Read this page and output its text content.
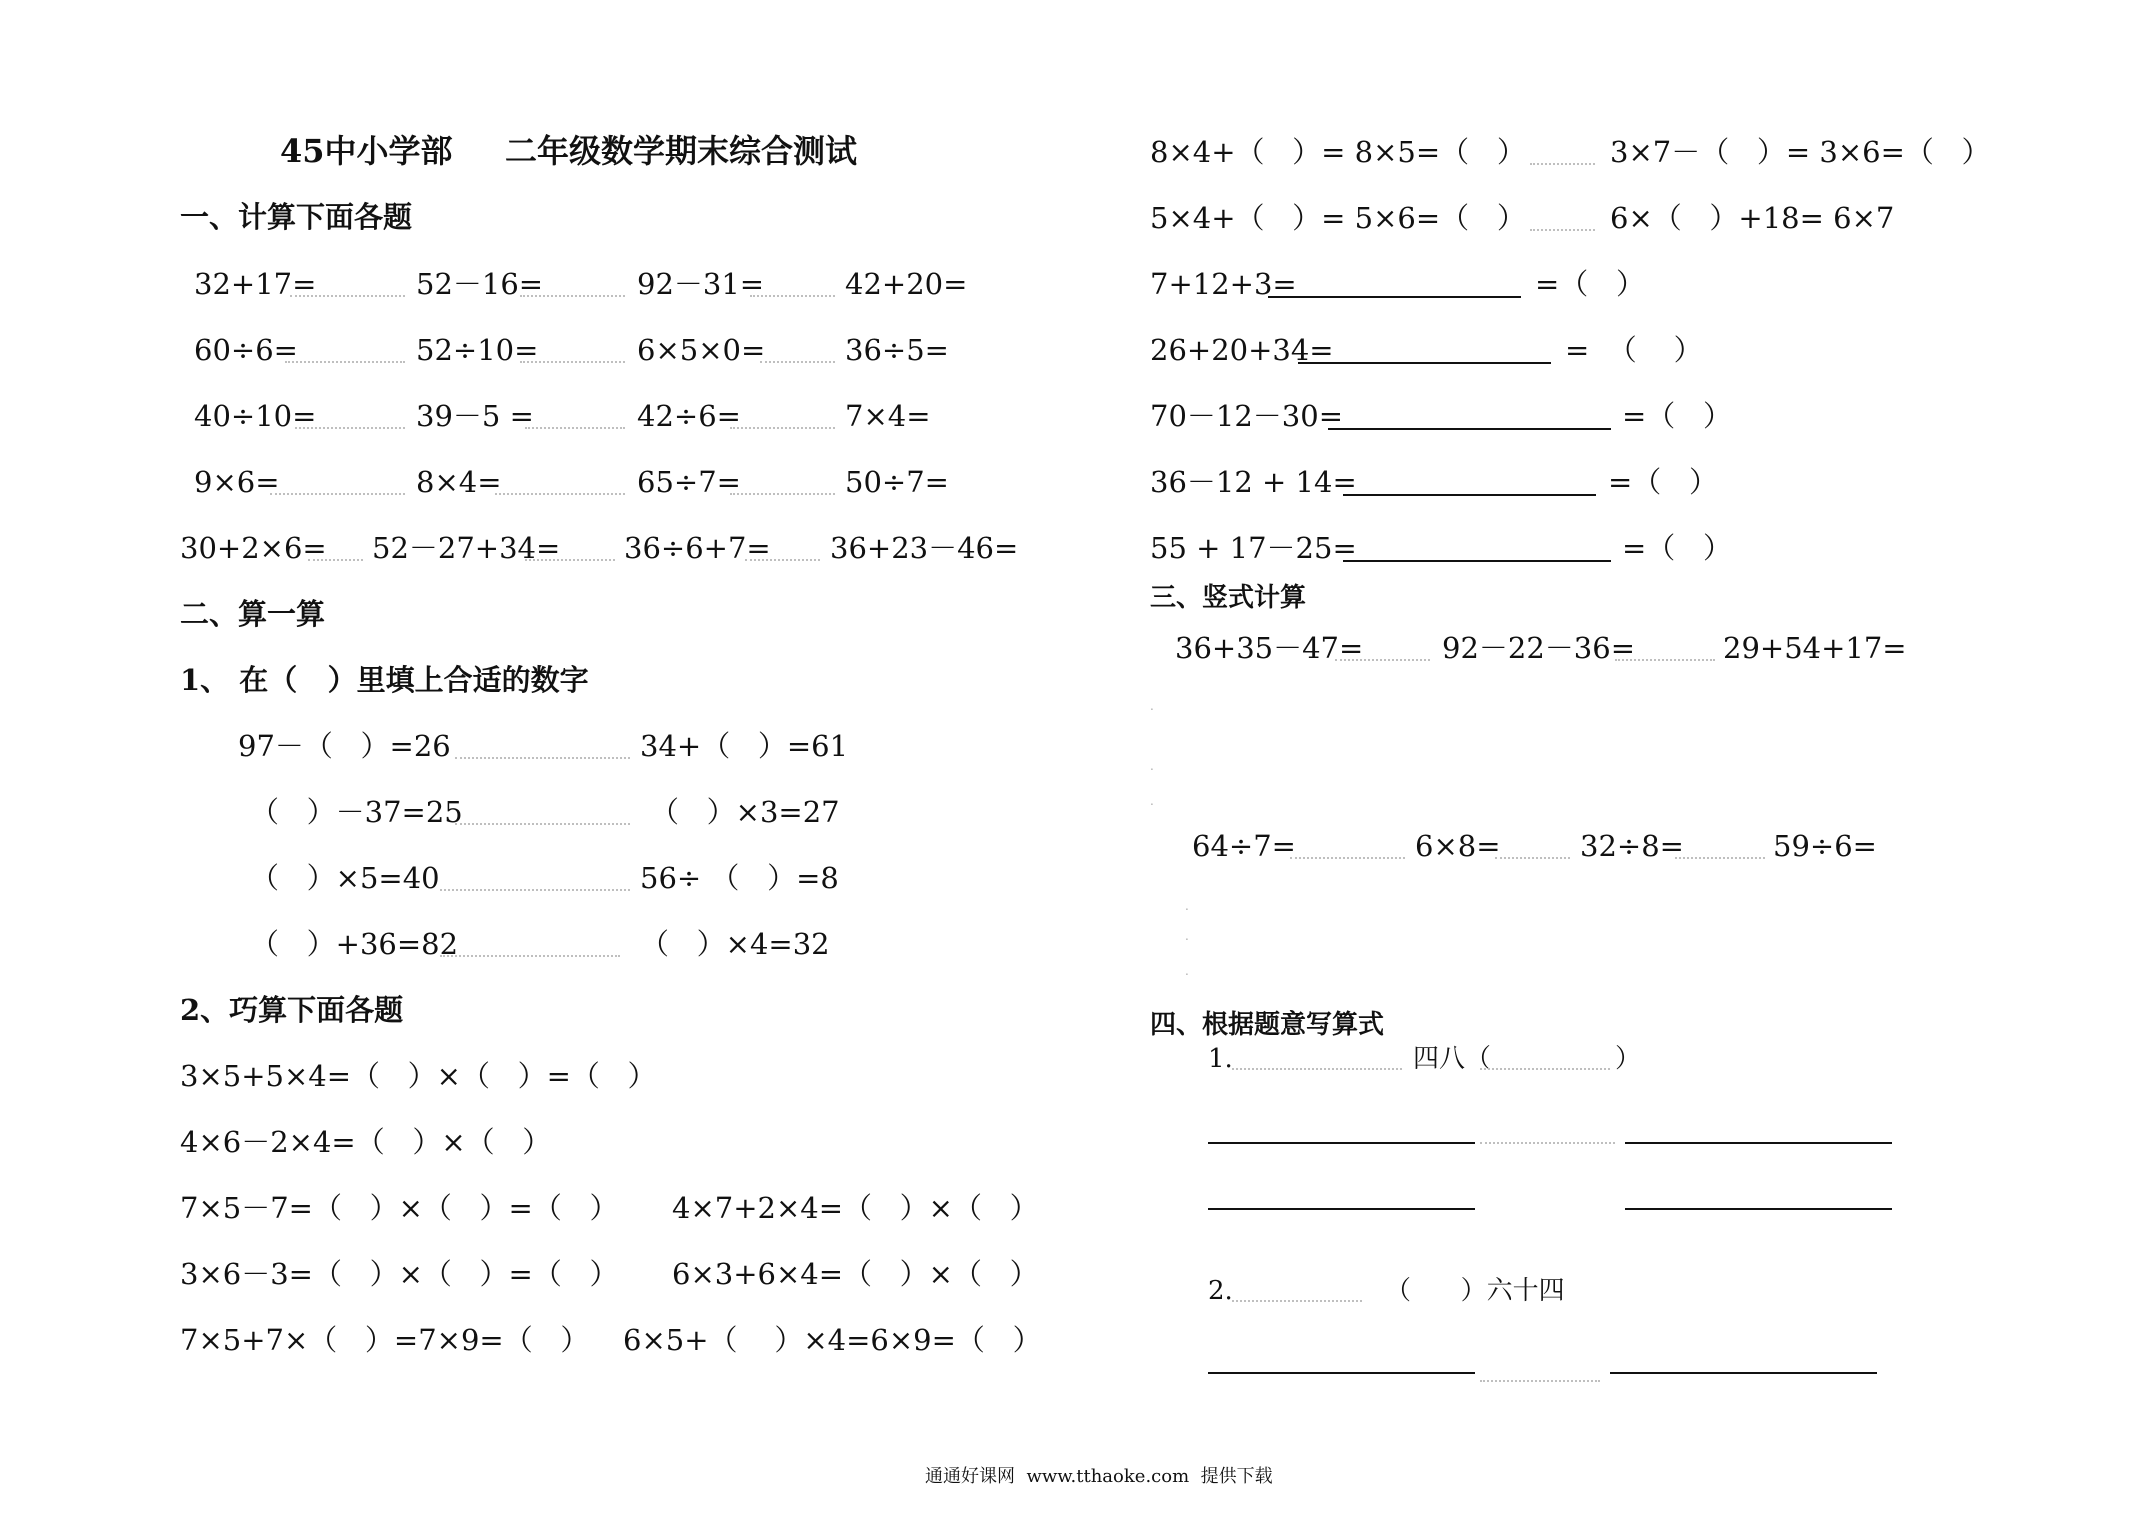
45中小学部 二年级数学期末综合测试
一、计算下面各题
32+17=	52－16=	92－31=	42+20=
60÷6=	52÷10=	6×5×0=	36÷5=
40÷10=	39－5 =	42÷6=	7×4=
9×6=	8×4=	65÷7=	50÷7=
30+2×6= 52－27+34= 36÷6+7= 36+23－46=
二、算一算
1、 在（   ）里填上合适的数字
97－（   ）=26	34+（   ）=61
（   ）－37=25	（   ）×3=27
（   ）×5=40	56÷ （   ）=8
（   ）+36=82	（   ）×4=32
2、巧算下面各题
3×5+5×4=（   ）×（   ）=（   ）
4×6－2×4=（   ）×（   ）
7×5－7=（   ）×（   ）=（   ） 4×7+2×4=（   ）×（   ）
3×6－3=（   ）×（   ）=（   ） 6×3+6×4=（   ）×（   ）
7×5+7×（   ）=7×9=（   ） 6×5+（    ）×4=6×9=（   ）
8×4+（   ）= 8×5=（   ）	3×7－（   ）= 3×6=（   ）
5×4+（   ）= 5×6=（   ）	6×（   ）+18= 6×7
7+12+3=	=（   ）
26+20+34=	=  （    ）
70－12－30=	=（   ）
36－12 + 14=	=（   ）
55 + 17－25=	=（   ）
三、竖式计算
36+35－47=	92－22－36=	29+54+17=
.
.
.
64÷7=	6×8=	32÷8=	59÷6=
.
.
.
四、根据题意写算式
1.	四八（	）
2.	（      ）六十四
通通好课网  www.tthaoke.com  提供下载
